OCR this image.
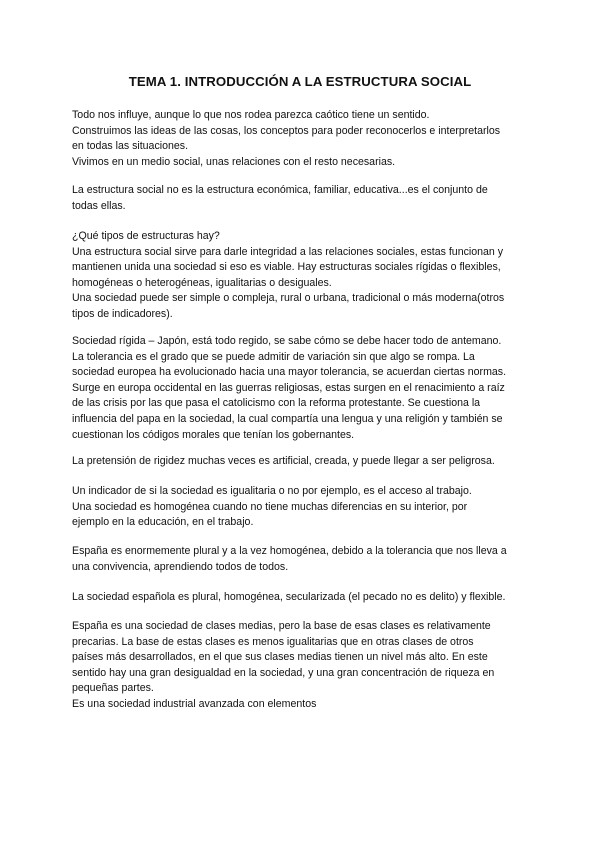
TEMA 1. INTRODUCCIÓN A LA ESTRUCTURA SOCIAL

Todo nos influye, aunque lo que nos rodea parezca caótico tiene un sentido.
Construimos las ideas de las cosas, los conceptos para poder reconocerlos e interpretarlos
en todas las situaciones.
Vivimos en un medio social, unas relaciones con el resto necesarias.

La estructura social no es la estructura económica, familiar, educativa...es el conjunto de
todas ellas.

¿Qué tipos de estructuras hay?
Una estructura social sirve para darle integridad a las relaciones sociales, estas funcionan y
mantienen unida una sociedad si eso es viable. Hay estructuras sociales rígidas o flexibles,
homogéneas o heterogéneas, igualitarias o desiguales.
Una sociedad puede ser simple o compleja, rural o urbana, tradicional o más moderna(otros
tipos de indicadores).

Sociedad rígida – Japón, está todo regido, se sabe cómo se debe hacer todo de antemano.
La tolerancia es el grado que se puede admitir de variación sin que algo se rompa. La
sociedad europea ha evolucionado hacia una mayor tolerancia, se acuerdan ciertas normas.
Surge en europa occidental en las guerras religiosas, estas surgen en el renacimiento a raíz
de las crisis por las que pasa el catolicismo con la reforma protestante. Se cuestiona la
influencia del papa en la sociedad, la cual compartía una lengua y una religión y también se
cuestionan los códigos morales que tenían los gobernantes.

La pretensión de rigidez muchas veces es artificial, creada, y puede llegar a ser peligrosa.

Un indicador de si la sociedad es igualitaria o no por ejemplo, es el acceso al trabajo.
Una sociedad es homogénea cuando no tiene muchas diferencias en su interior, por
ejemplo en la educación, en el trabajo.

España es enormemente plural y a la vez homogénea, debido a la tolerancia que nos lleva a
una convivencia, aprendiendo todos de todos.

La sociedad española es plural, homogénea, secularizada (el pecado no es delito) y flexible.

España es una sociedad de clases medias, pero la base de esas clases es relativamente
precarias. La base de estas clases es menos igualitarias que en otras clases de otros
países más desarrollados, en el que sus clases medias tienen un nivel más alto. En este
sentido hay una gran desigualdad en la sociedad, y una gran concentración de riqueza en
pequeñas partes.
Es una sociedad industrial avanzada con elementos
